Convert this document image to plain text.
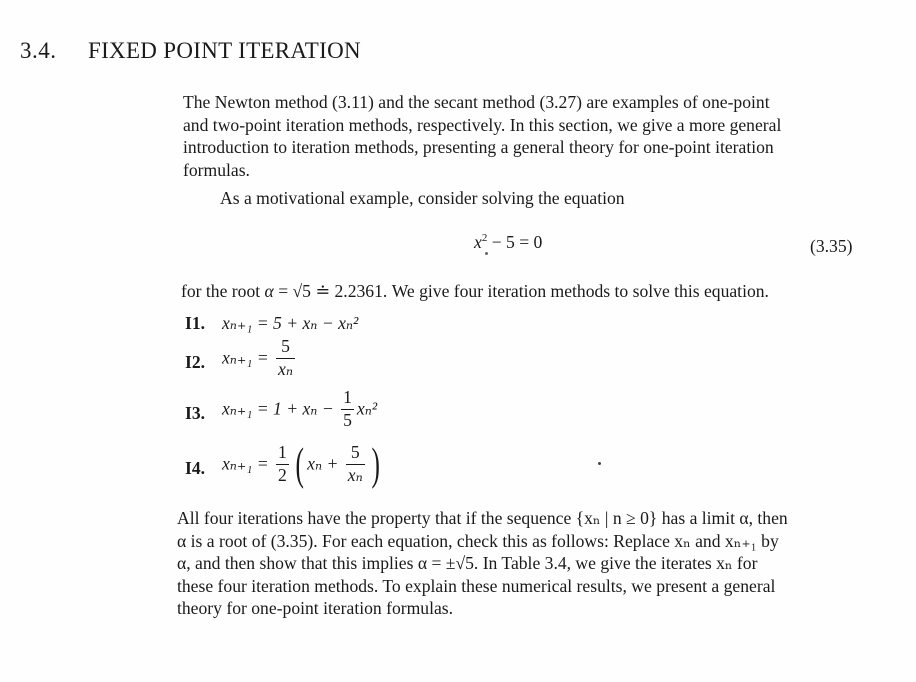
3.4. FIXED POINT ITERATION
The Newton method (3.11) and the secant method (3.27) are examples of one-point
and two-point iteration methods, respectively. In this section, we give a more general
introduction to iteration methods, presenting a general theory for one-point iteration
formulas.
As a motivational example, consider solving the equation
$x^2 - 5 = 0$	(3.35)
for the root α = √5 ≐ 2.2361. We give four iteration methods to solve this equation.
I1. xₙ₊₁ = 5 + xₙ − xₙ²
I2. $x_{n+1} = \frac{5}{\text{xₙ}}$
I3. $x_{n+1} = 1 + x_n - \frac{1}{5} x_n^2$
I4. $x_{n+1} = \frac{1}{2}$ ( $x_n + \frac{5}{\text{xₙ}}$ )
All four iterations have the property that if the sequence {xₙ | n ≥ 0} has a limit α, then
α is a root of (3.35). For each equation, check this as follows: Replace xₙ and xₙ₊₁ by
α, and then show that this implies α = ±√5. In Table 3.4, we give the iterates xₙ for
these four iteration methods. To explain these numerical results, we present a general
theory for one-point iteration formulas.
